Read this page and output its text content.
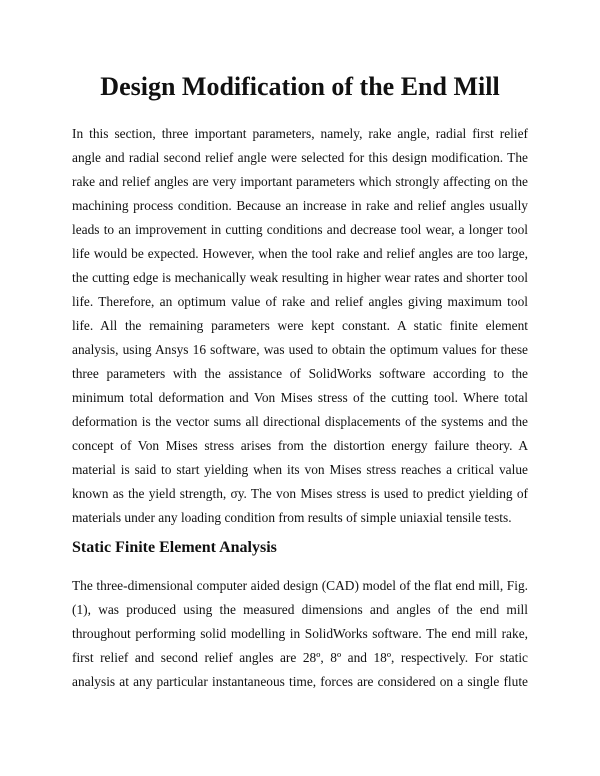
Design Modification of the End Mill

In this section, three important parameters, namely, rake angle, radial first relief

angle and radial second relief angle were selected for this design modification. The

rake and relief angles are very important parameters which strongly affecting on the

machining process condition. Because an increase in rake and relief angles usually

leads to an improvement in cutting conditions and decrease tool wear, a longer tool

life would be expected. However, when the tool rake and relief angles are too large,

the cutting edge is mechanically weak resulting in higher wear rates and shorter tool

life. Therefore, an optimum value of rake and relief angles giving maximum tool

life. All the remaining parameters were kept constant. A static finite element

analysis, using Ansys 16 software, was used to obtain the optimum values for these

three parameters with the assistance of SolidWorks software according to the

minimum total deformation and Von Mises stress of the cutting tool. Where total

deformation is the vector sums all directional displacements of the systems and the

concept of Von Mises stress arises from the distortion energy failure theory. A

material is said to start yielding when its von Mises stress reaches a critical value

known as the yield strength, σy. The von Mises stress is used to predict yielding of

materials under any loading condition from results of simple uniaxial tensile tests.

Static Finite Element Analysis

The three-dimensional computer aided design (CAD) model of the flat end mill, Fig.

(1), was produced using the measured dimensions and angles of the end mill

throughout performing solid modelling in SolidWorks software. The end mill rake,

first relief and second relief angles are 28º, 8º and 18º, respectively. For static

analysis at any particular instantaneous time, forces are considered on a single flute
